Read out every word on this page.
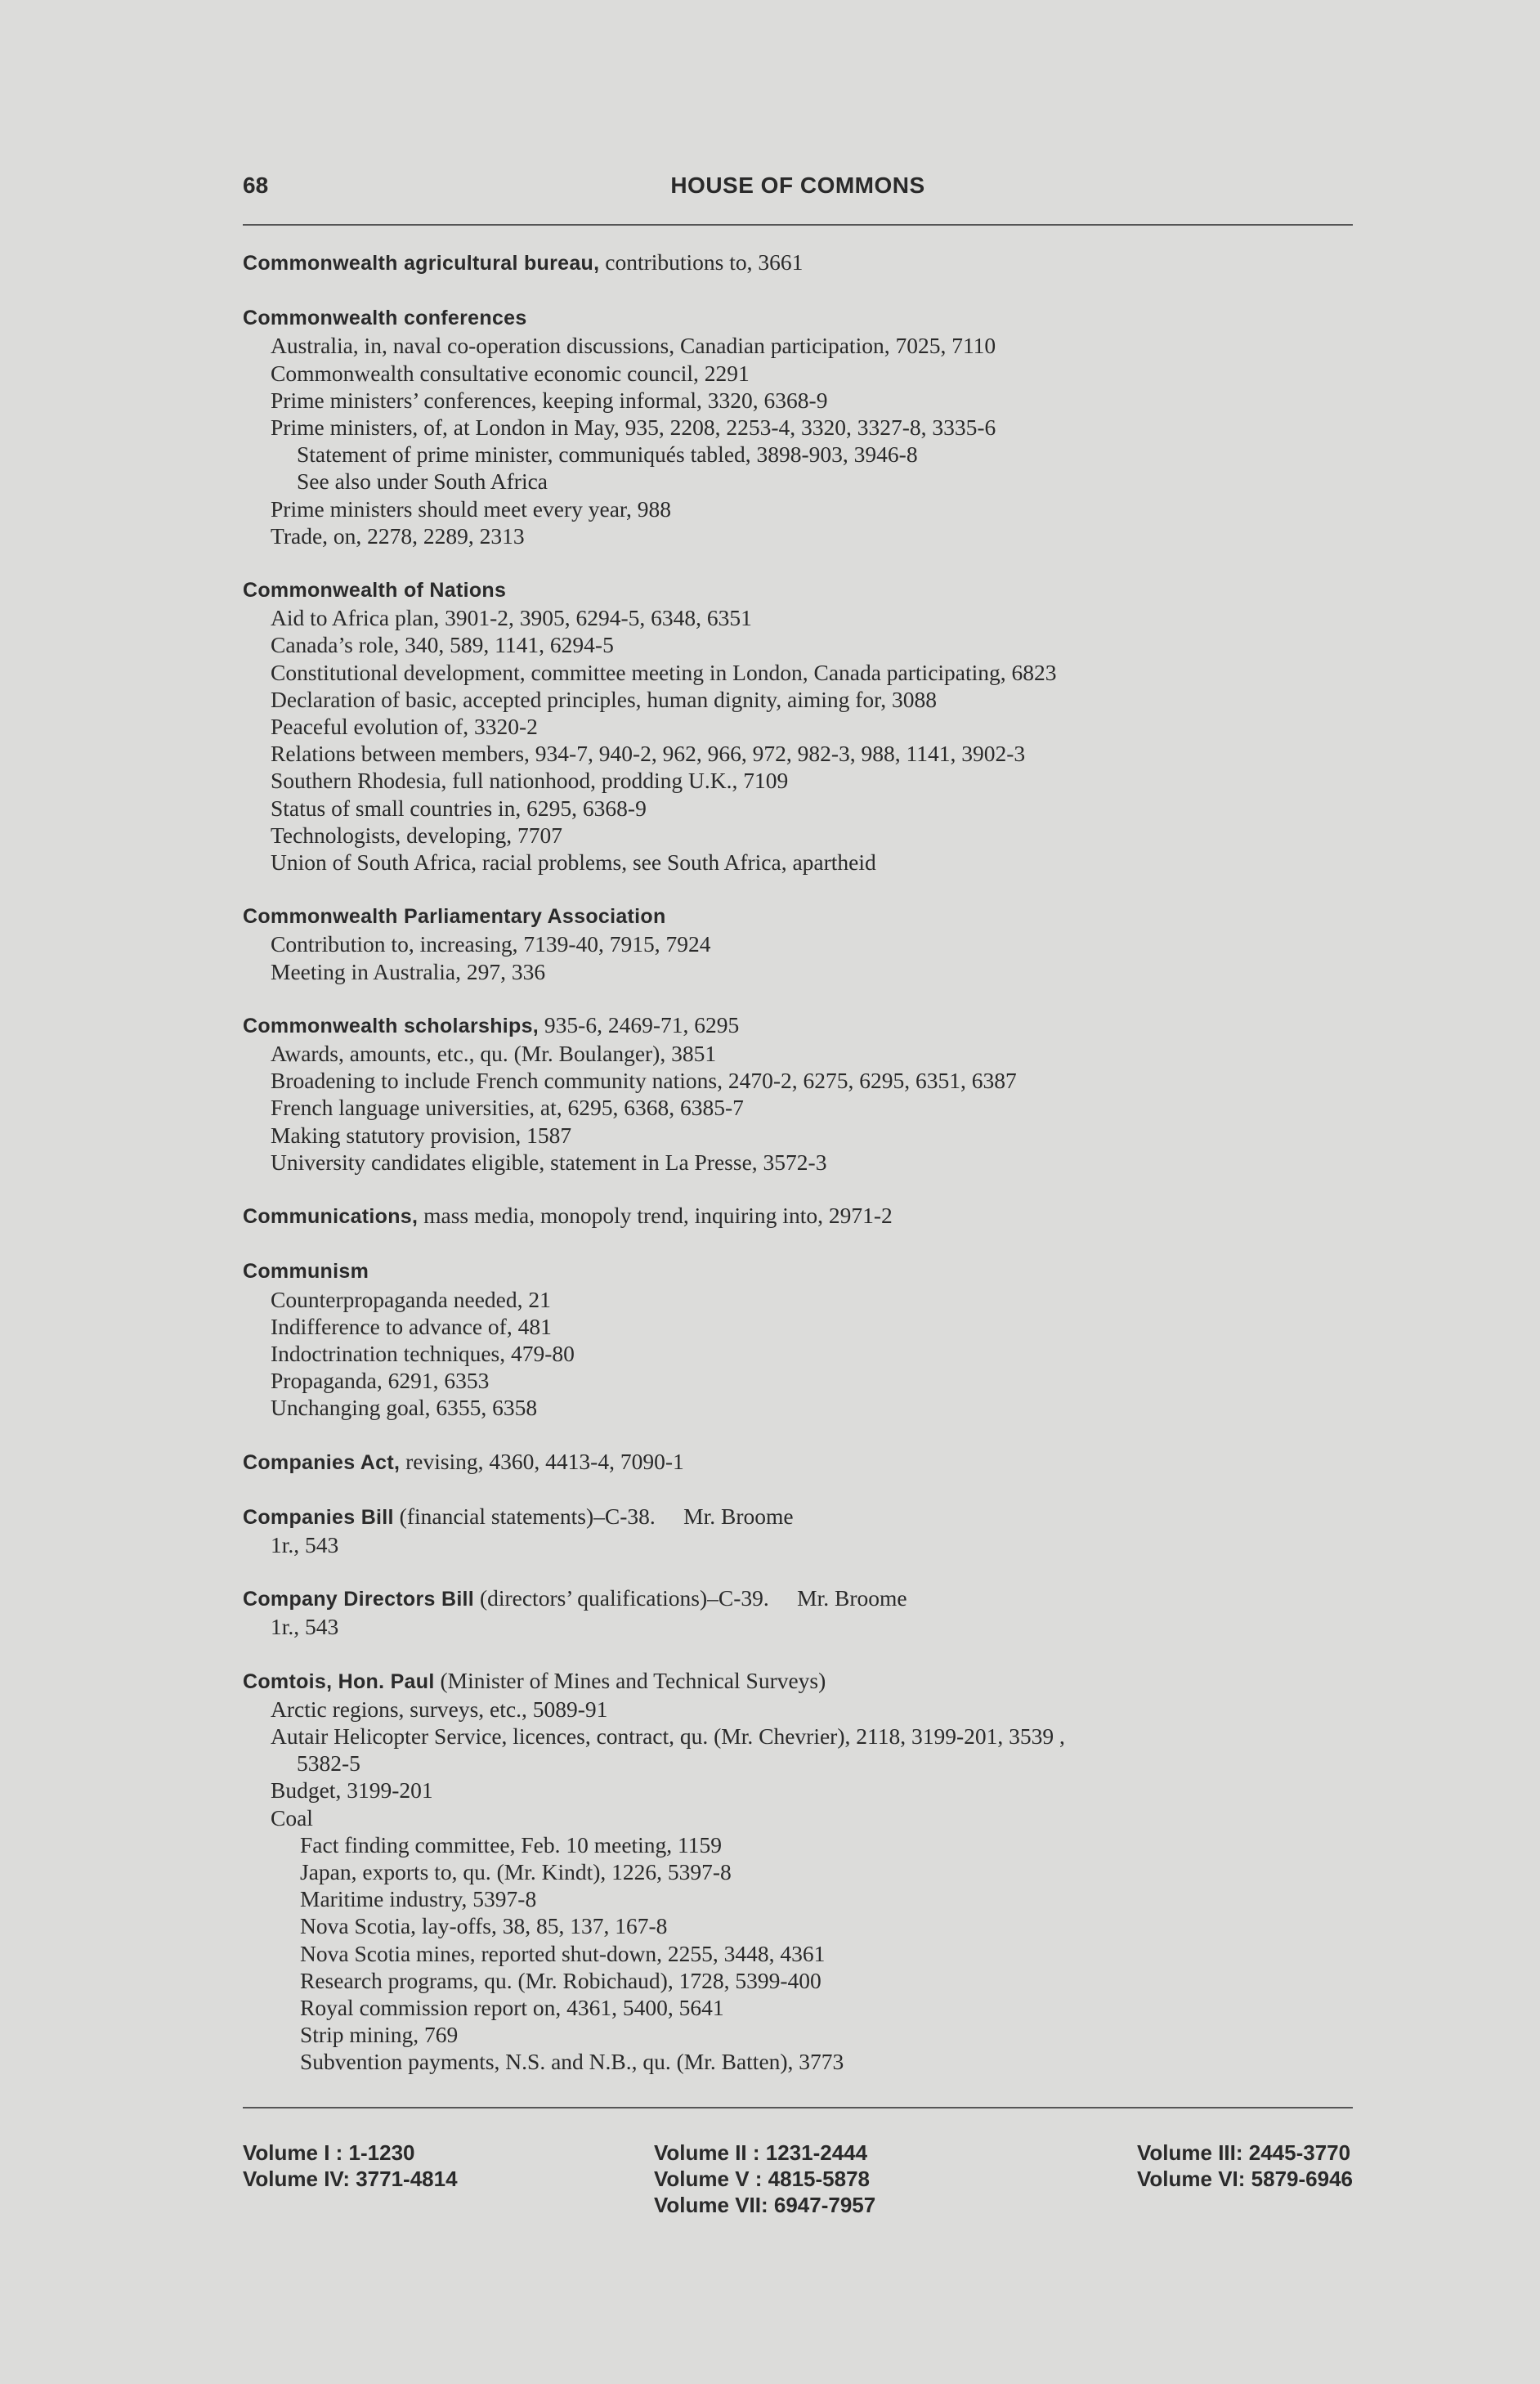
68	HOUSE OF COMMONS
Commonwealth agricultural bureau, contributions to, 3661
Commonwealth conferences
Australia, in, naval co-operation discussions, Canadian participation, 7025, 7110
Commonwealth consultative economic council, 2291
Prime ministers’ conferences, keeping informal, 3320, 6368-9
Prime ministers, of, at London in May, 935, 2208, 2253-4, 3320, 3327-8, 3335-6
Statement of prime minister, communiqués tabled, 3898-903, 3946-8
See also under South Africa
Prime ministers should meet every year, 988
Trade, on, 2278, 2289, 2313
Commonwealth of Nations
Aid to Africa plan, 3901-2, 3905, 6294-5, 6348, 6351
Canada’s role, 340, 589, 1141, 6294-5
Constitutional development, committee meeting in London, Canada participating, 6823
Declaration of basic, accepted principles, human dignity, aiming for, 3088
Peaceful evolution of, 3320-2
Relations between members, 934-7, 940-2, 962, 966, 972, 982-3, 988, 1141, 3902-3
Southern Rhodesia, full nationhood, prodding U.K., 7109
Status of small countries in, 6295, 6368-9
Technologists, developing, 7707
Union of South Africa, racial problems, see South Africa, apartheid
Commonwealth Parliamentary Association
Contribution to, increasing, 7139-40, 7915, 7924
Meeting in Australia, 297, 336
Commonwealth scholarships, 935-6, 2469-71, 6295
Awards, amounts, etc., qu. (Mr. Boulanger), 3851
Broadening to include French community nations, 2470-2, 6275, 6295, 6351, 6387
French language universities, at, 6295, 6368, 6385-7
Making statutory provision, 1587
University candidates eligible, statement in La Presse, 3572-3
Communications, mass media, monopoly trend, inquiring into, 2971-2
Communism
Counterpropaganda needed, 21
Indifference to advance of, 481
Indoctrination techniques, 479-80
Propaganda, 6291, 6353
Unchanging goal, 6355, 6358
Companies Act, revising, 4360, 4413-4, 7090-1
Companies Bill (financial statements)–C-38.     Mr. Broome
1r., 543
Company Directors Bill (directors’ qualifications)–C-39.     Mr. Broome
1r., 543
Comtois, Hon. Paul (Minister of Mines and Technical Surveys)
Arctic regions, surveys, etc., 5089-91
Autair Helicopter Service, licences, contract, qu. (Mr. Chevrier), 2118, 3199-201, 3539 ,
5382-5
Budget, 3199-201
Coal
Fact finding committee, Feb. 10 meeting, 1159
Japan, exports to, qu. (Mr. Kindt), 1226, 5397-8
Maritime industry, 5397-8
Nova Scotia, lay-offs, 38, 85, 137, 167-8
Nova Scotia mines, reported shut-down, 2255, 3448, 4361
Research programs, qu. (Mr. Robichaud), 1728, 5399-400
Royal commission report on, 4361, 5400, 5641
Strip mining, 769
Subvention payments, N.S. and N.B., qu. (Mr. Batten), 3773
Volume I : 1-1230
Volume IV: 3771-4814
Volume II : 1231-2444
Volume V : 4815-5878
Volume VII: 6947-7957
Volume III: 2445-3770
Volume VI: 5879-6946
